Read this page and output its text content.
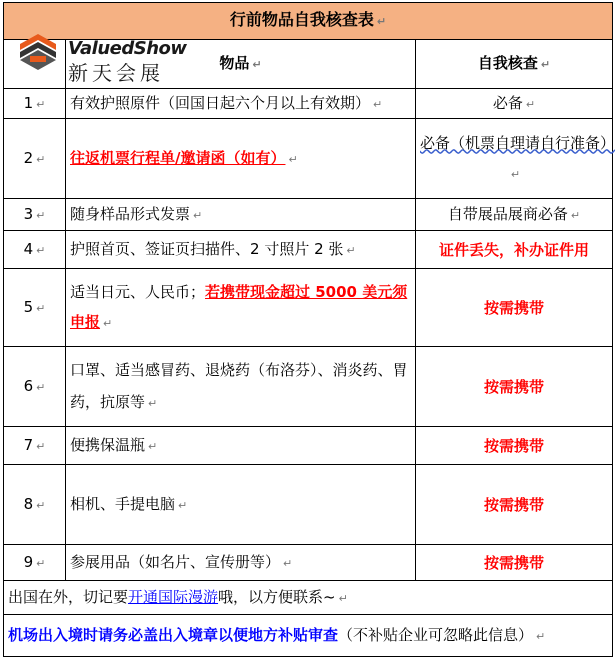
行前物品自我核查表 ↵		
	物品 ↵	自我核查 ↵
1 ↵	有效护照原件（回国日起六个月以上有效期） ↵	必备 ↵
2 ↵	往返机票行程单/邀请函（如有） ↵	必备（机票自理请自行准备）↵
3 ↵	随身样品形式发票 ↵	自带展品展商必备 ↵
4 ↵	护照首页、签证页扫描件、2 寸照片 2 张 ↵	证件丢失，补办证件用
5 ↵	适当日元、人民币；若携带现金超过 5000 美元须申报 ↵	按需携带
6 ↵	口罩、适当感冒药、退烧药（布洛芬）、消炎药、胃药，抗原等 ↵	按需携带
7 ↵	便携保温瓶 ↵	按需携带
8 ↵	相机、手提电脑 ↵	按需携带
9 ↵	参展用品（如名片、宣传册等） ↵	按需携带
出国在外，切记要开通国际漫游哦，以方便联系~ ↵		
机场出入境时请务必盖出入境章以便地方补贴审查（不补贴企业可忽略此信息） ↵		
ValuedShow
新天会展
